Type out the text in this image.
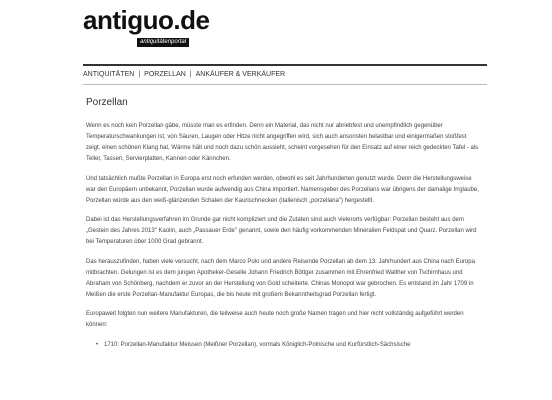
antiguo.de
antiquitätenportal
ANTIQUITÄTEN | PORZELLAN | ANKÄUFER & VERKÄUFER
Porzellan

Wenn es noch kein Porzellan gäbe, müsste man es erfinden. Denn ein Material, das nicht nur abriebfest und unempfindlich gegenüber Temperaturschwankungen ist, von Säuren, Laugen oder Hitze nicht angegriffen wird, sich auch ansonsten belastbar und einigermaßen stoßfest zeigt, einen schönen Klang hat, Wärme hält und noch dazu schön aussieht, scheint vorgesehen für den Einsatz auf einer reich gedeckten Tafel - als Teller, Tassen, Servierplatten, Kannen oder Kännchen.

Und tatsächlich mußte Porzellan in Europa erst noch erfunden werden, obwohl es seit Jahrhunderten genutzt wurde. Denn die Herstellungsweise war den Europäern unbekannt, Porzellan wurde aufwendig aus China importiert. Namensgeber des Porzellans war übrigens der damalige Irrglaube, Porzellan würde aus den weiß-glänzenden Schalen der Kaurischnecken (italienisch „porzellana") hergestellt.

Dabei ist das Herstellungsverfahren im Grunde gar nicht kompliziert und die Zutaten sind auch vielerorts verfügbar: Porzellan besteht aus dem „Gestein des Jahres 2013" Kaolin, auch „Passauer Erde" genannt, sowie den häufig vorkommenden Mineralien Feldspat und Quarz. Porzellan wird bei Temperaturen über 1000 Grad gebrannt.

Das herauszufinden, haben viele versucht, nach dem Marco Polo und andere Reisende Porzellan ab dem 13. Jahrhundert aus China nach Europa mitbrachten. Gelungen ist es dem jungen Apotheker-Geselle Johann Friedrich Böttger zusammen mit Ehrenfried Walther von Tschirnhaus und Abraham von Schönberg, nachdem er zuvor an der Herstellung von Gold scheiterte. Chinas Monopol war gebrochen. Es entstand im Jahr 1709 in Meißen die erste Porzellan-Manufaktur Europas, die bis heute mit großem Bekanntheitsgrad Porzellan fertigt.

Europaweit folgten nun weitere Manufakturen, die teilweise auch heute noch große Namen tragen und hier nicht vollständig aufgeführt werden können:

• 1710: Porzellan-Manufaktur Meissen (Meißner Porzellan), vormals Königlich-Polnische und Kurfürstlich-Sächsische
